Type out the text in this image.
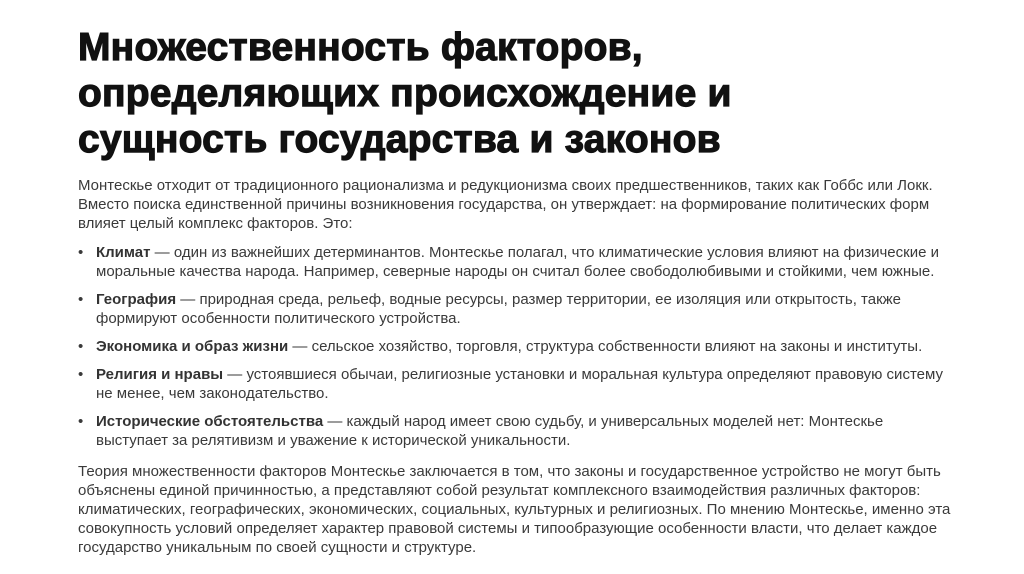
Множественность факторов,
определяющих происхождение и
сущность государства и законов

Монтескье отходит от традиционного рационализма и редукционизма своих предшественников, таких как Гоббс или Локк. Вместо поиска единственной причины возникновения государства, он утверждает: на формирование политических форм влияет целый комплекс факторов. Это:

• Климат — один из важнейших детерминантов. Монтескье полагал, что климатические условия влияют на физические и моральные качества народа. Например, северные народы он считал более свободолюбивыми и стойкими, чем южные.
• География — природная среда, рельеф, водные ресурсы, размер территории, ее изоляция или открытость, также формируют особенности политического устройства.
• Экономика и образ жизни — сельское хозяйство, торговля, структура собственности влияют на законы и институты.
• Религия и нравы — устоявшиеся обычаи, религиозные установки и моральная культура определяют правовую систему не менее, чем законодательство.
• Исторические обстоятельства — каждый народ имеет свою судьбу, и универсальных моделей нет: Монтескье выступает за релятивизм и уважение к исторической уникальности.

Теория множественности факторов Монтескье заключается в том, что законы и государственное устройство не могут быть объяснены единой причинностью, а представляют собой результат комплексного взаимодействия различных факторов: климатических, географических, экономических, социальных, культурных и религиозных. По мнению Монтескье, именно эта совокупность условий определяет характер правовой системы и типообразующие особенности власти, что делает каждое государство уникальным по своей сущности и структуре.
